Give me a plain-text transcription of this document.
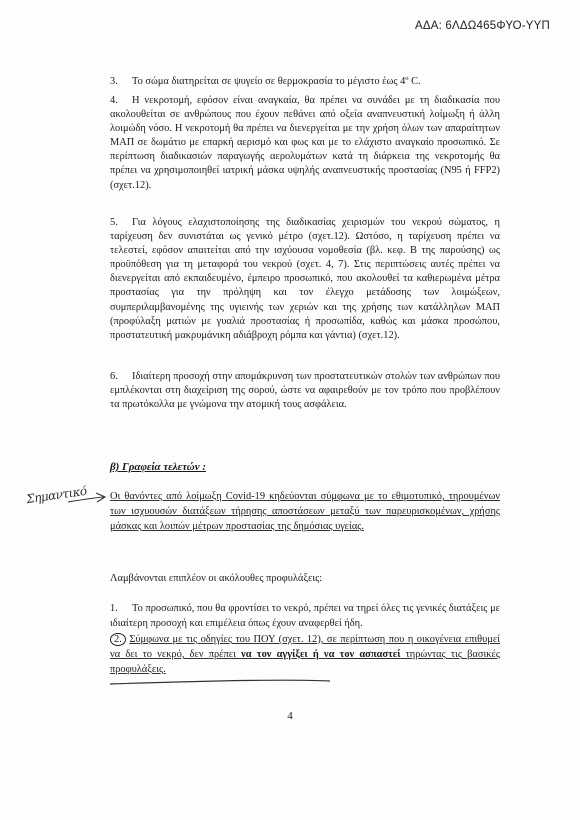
ΑΔΑ: 6ΛΔΩ465ΦΥΟ-ΥΥΠ

3. Το σώμα διατηρείται σε ψυγείο σε θερμοκρασία το μέγιστο έως 4º C.

4. Η νεκροτομή, εφόσον είναι αναγκαία, θα πρέπει να συνάδει με τη διαδικασία που ακολουθείται σε ανθρώπους που έχουν πεθάνει από οξεία αναπνευστική λοίμωξη ή άλλη λοιμώδη νόσο. Η νεκροτομή θα πρέπει να διενεργείται με την χρήση όλων των απαραίτητων ΜΑΠ σε δωμάτιο με επαρκή αερισμό και φως και με το ελάχιστο αναγκαίο προσωπικό. Σε περίπτωση διαδικασιών παραγωγής αερολυμάτων κατά τη διάρκεια της νεκροτομής θα πρέπει να χρησιμοποιηθεί ιατρική μάσκα υψηλής αναπνευστικής προστασίας (Ν95 ή FFP2) (σχετ.12).

5. Για λόγους ελαχιστοποίησης της διαδικασίας χειρισμών του νεκρού σώματος, η ταρίχευση δεν συνιστάται ως γενικό μέτρο (σχετ.12). Ωστόσο, η ταρίχευση πρέπει να τελεστεί, εφόσον απαιτείται από την ισχύουσα νομοθεσία (βλ. κεφ. Β της παρούσης) ως προϋπόθεση για τη μεταφορά του νεκρού (σχετ. 4, 7). Στις περιπτώσεις αυτές πρέπει να διενεργείται από εκπαιδευμένο, έμπειρο προσωπικό, που ακολουθεί τα καθιερωμένα μέτρα προστασίας για την πρόληψη και τον έλεγχο μετάδοσης των λοιμώξεων, συμπεριλαμβανομένης της υγιεινής των χεριών και της χρήσης των κατάλληλων ΜΑΠ (προφύλαξη ματιών με γυαλιά προστασίας ή προσωπίδα, καθώς και μάσκα προσώπου, προστατευτική μακρυμάνικη αδιάβροχη ρόμπα και γάντια) (σχετ.12).

6. Ιδιαίτερη προσοχή στην απομάκρυνση των προστατευτικών στολών των ανθρώπων που εμπλέκονται στη διαχείριση της σορού, ώστε να αφαιρεθούν με τον τρόπο που προβλέπουν τα πρωτόκολλα με γνώμονα την ατομική τους ασφάλεια.

β) Γραφεία τελετών :
Σημαντικό Οι θανόντες από λοίμωξη Covid-19 κηδεύονται σύμφωνα με το εθιμοτυπικό, τηρουμένων των ισχυουσών διατάξεων τήρησης αποστάσεων μεταξύ των παρευρισκομένων, χρήσης μάσκας και λοιπών μέτρων προστασίας της δημόσιας υγείας.
Λαμβάνονται επιπλέον οι ακόλουθες προφυλάξεις:
1. Το προσωπικό, που θα φροντίσει το νεκρό, πρέπει να τηρεί όλες τις γενικές διατάξεις με ιδιαίτερη προσοχή και επιμέλεια όπως έχουν αναφερθεί ήδη.
2. Σύμφωνα με τις οδηγίες του ΠΟΥ (σχετ. 12), σε περίπτωση που η οικογένεια επιθυμεί να δει το νεκρό, δεν πρέπει να τον αγγίξει ή να τον ασπαστεί τηρώντας τις βασικές προφυλάξεις.
4
